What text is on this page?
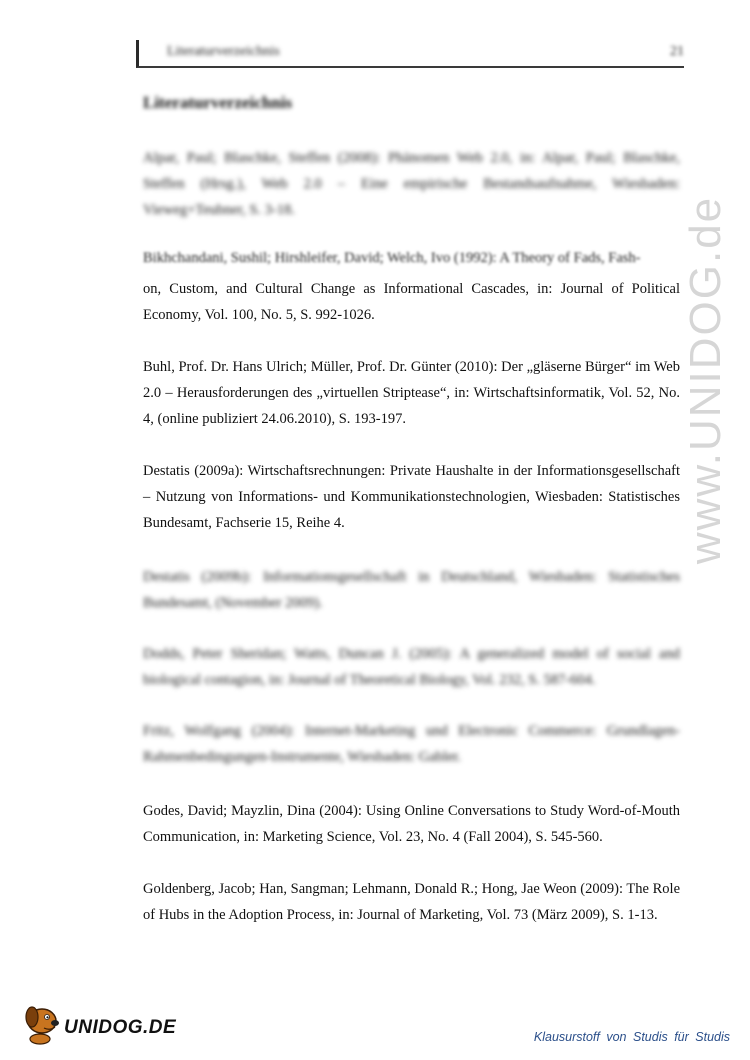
Literaturverzeichnis	21
Literaturverzeichnis

Alpar, Paul; Blaschke, Steffen (2008): Phänomen Web 2.0, in: Alpar, Paul; Blaschke, Steffen (Hrsg.), Web 2.0 – Eine empirische Bestandsaufnahme, Wiesbaden: Vieweg+Teubner, S. 3-18.

Bikhchandani, Sushil; Hirshleifer, David; Welch, Ivo (1992): A Theory of Fads, Fash-

on, Custom, and Cultural Change as Informational Cascades, in: Journal of Political Economy, Vol. 100, No. 5, S. 992-1026.

Buhl, Prof. Dr. Hans Ulrich; Müller, Prof. Dr. Günter (2010): Der „gläserne Bürger“ im Web 2.0 – Herausforderungen des „virtuellen Striptease“, in: Wirtschaftsinformatik, Vol. 52, No. 4, (online publiziert 24.06.2010), S. 193-197.

Destatis (2009a): Wirtschaftsrechnungen: Private Haushalte in der Informationsgesellschaft – Nutzung von Informations- und Kommunikationstechnologien, Wiesbaden: Statistisches Bundesamt, Fachserie 15, Reihe 4.

Destatis (2009b): Informationsgesellschaft in Deutschland, Wiesbaden: Statistisches Bundesamt, (November 2009).

Dodds, Peter Sheridan; Watts, Duncan J. (2005): A generalized model of social and biological contagion, in: Journal of Theoretical Biology, Vol. 232, S. 587-604.

Fritz, Wolfgang (2004): Internet-Marketing und Electronic Commerce: Grundlagen-Rahmenbedingungen-Instrumente, Wiesbaden: Gabler.

Godes, David; Mayzlin, Dina (2004): Using Online Conversations to Study Word-of-Mouth Communication, in: Marketing Science, Vol. 23, No. 4 (Fall 2004), S. 545-560.

Goldenberg, Jacob; Han, Sangman; Lehmann, Donald R.; Hong, Jae Weon (2009): The Role of Hubs in the Adoption Process, in: Journal of Marketing, Vol. 73 (März 2009), S. 1-13.

www.UNIDOG.de
UNIDOG.DE	Klausurstoff von Studis für Studis
